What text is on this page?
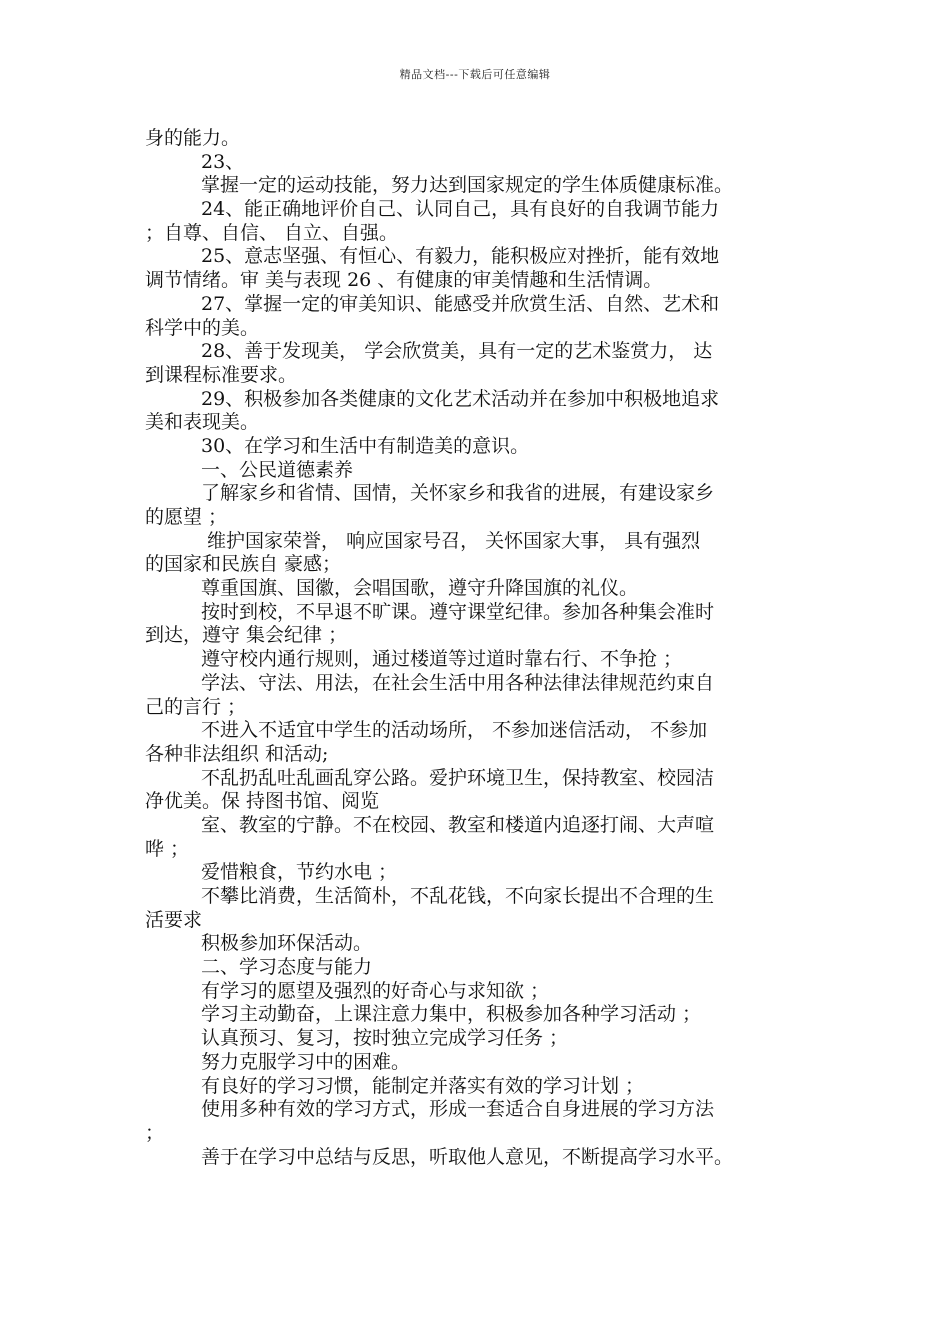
精品文档---下载后可任意编辑
身的能力。
23、
掌握一定的运动技能，努力达到国家规定的学生体质健康标准。
24、能正确地评价自己、认同自己，具有良好的自我调节能力
；自尊、自信、 自立、自强。
25、意志坚强、有恒心、有毅力，能积极应对挫折，能有效地
调节情绪。审 美与表现 26 、有健康的审美情趣和生活情调。
27、掌握一定的审美知识、能感受并欣赏生活、自然、艺术和
科学中的美。
28、善于发现美， 学会欣赏美，具有一定的艺术鉴赏力， 达
到课程标准要求。
29、积极参加各类健康的文化艺术活动并在参加中积极地追求
美和表现美。
30、在学习和生活中有制造美的意识。
一、公民道德素养
了解家乡和省情、国情，关怀家乡和我省的进展，有建设家乡
的愿望 ；
维护国家荣誉， 响应国家号召， 关怀国家大事， 具有强烈
的国家和民族自 豪感；
尊重国旗、国徽，会唱国歌，遵守升降国旗的礼仪。
按时到校，不早退不旷课。遵守课堂纪律。参加各种集会准时
到达，遵守 集会纪律 ；
遵守校内通行规则，通过楼道等过道时靠右行、不争抢 ；
学法、守法、用法，在社会生活中用各种法律法律规范约束自
己的言行 ；
不进入不适宜中学生的活动场所， 不参加迷信活动， 不参加
各种非法组织 和活动;
不乱扔乱吐乱画乱穿公路。爱护环境卫生，保持教室、校园洁
净优美。保 持图书馆、阅览
室、教室的宁静。不在校园、教室和楼道内追逐打闹、大声喧
哗 ；
爱惜粮食，节约水电 ；
不攀比消费，生活简朴，不乱花钱，不向家长提出不合理的生
活要求
积极参加环保活动。
二、学习态度与能力
有学习的愿望及强烈的好奇心与求知欲 ；
学习主动勤奋，上课注意力集中，积极参加各种学习活动 ；
认真预习、复习，按时独立完成学习任务 ；
努力克服学习中的困难。
有良好的学习习惯，能制定并落实有效的学习计划 ；
使用多种有效的学习方式，形成一套适合自身进展的学习方法
；
善于在学习中总结与反思，听取他人意见，不断提高学习水平。
